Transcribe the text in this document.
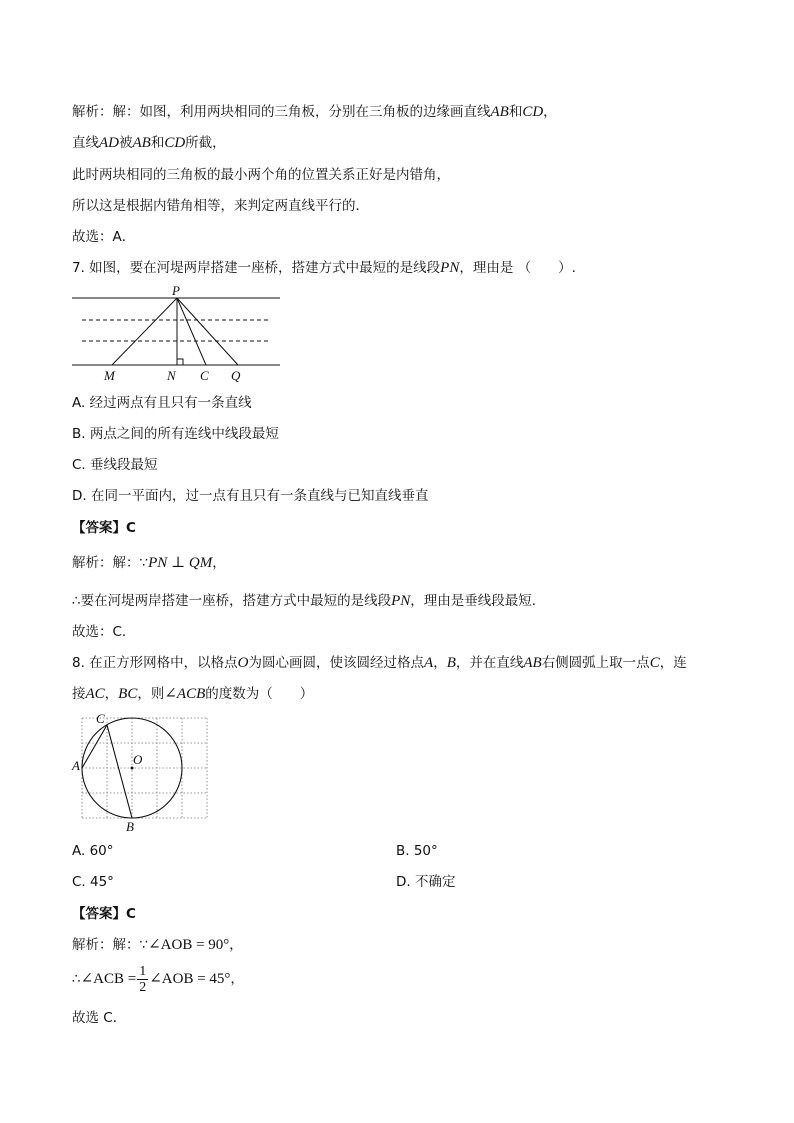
解析：解：如图，利用两块相同的三角板，分别在三角板的边缘画直线AB和CD，
直线AD被AB和CD所截，
此时两块相同的三角板的最小两个角的位置关系正好是内错角，
所以这是根据内错角相等，来判定两直线平行的．
故选：A．
7. 如图，要在河堤两岸搭建一座桥，搭建方式中最短的是线段PN，理由是 （　　）.
P
M	N C Q
A. 经过两点有且只有一条直线
B. 两点之间的所有连线中线段最短
C. 垂线段最短
D. 在同一平面内，过一点有且只有一条直线与已知直线垂直
【答案】C
解析：解：∵PN ⊥ QM，
∴要在河堤两岸搭建一座桥，搭建方式中最短的是线段PN，理由是垂线段最短．
故选：C．
8. 在正方形网格中，以格点O为圆心画圆，使该圆经过格点A，B，并在直线AB右侧圆弧上取一点C，连
接AC，BC，则∠ACB的度数为（　　）
C
A	O
B
A. 60°	B. 50°
C. 45°	D. 不确定
【答案】C
解析：解：∵∠AOB = 90°，
∴∠ACB = $\frac{1}{2}$ ∠AOB = 45°，
故选 C．
